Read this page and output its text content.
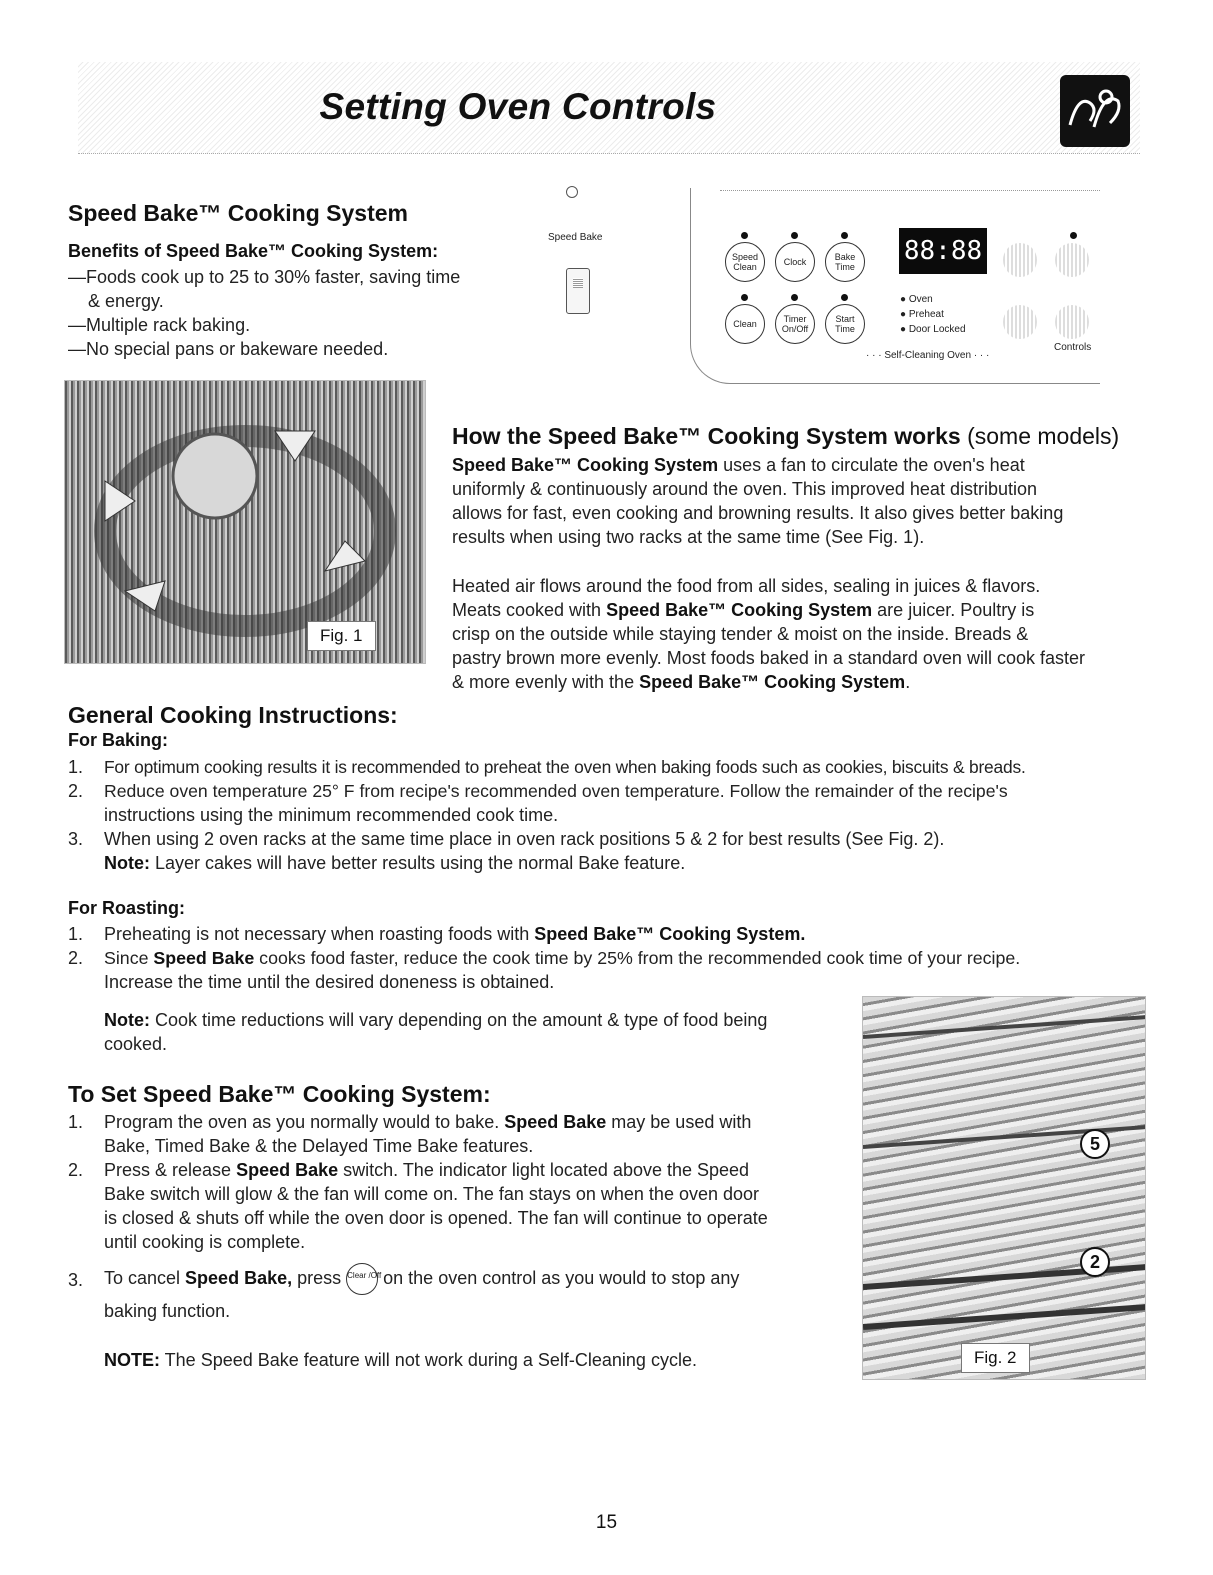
Setting Oven Controls
Speed Bake™ Cooking System
Benefits of Speed Bake™ Cooking System:
—Foods cook up to 25 to 30% faster, saving time
& energy.
—Multiple rack baking.
—No special pans or bakeware needed.
Speed Bake
Speed Clean	Clock	Bake Time
88:88
Clean	Timer On/Off
Start Time
● Oven
● Preheat
● Door Locked
· · · Self-Cleaning Oven · · ·
Controls
Fig. 1
How the Speed Bake™ Cooking System works (some models)
Speed Bake™ Cooking System uses a fan to circulate the oven's heat
uniformly & continuously around the oven. This improved heat distribution
allows for fast, even cooking and browning results. It also gives better baking
results when using two racks at the same time (See Fig. 1).
Heated air flows around the food from all sides, sealing in juices & flavors.
Meats cooked with Speed Bake™ Cooking System are juicer. Poultry is
crisp on the outside while staying tender & moist on the inside. Breads &
pastry brown more evenly. Most foods baked in a standard oven will cook faster
& more evenly with the Speed Bake™ Cooking System.
General Cooking Instructions:
For Baking:
1. For optimum cooking results it is recommended to preheat the oven when baking foods such as cookies, biscuits & breads.
2. Reduce oven temperature 25° F from recipe's recommended oven temperature. Follow the remainder of the recipe's
instructions using the minimum recommended cook time.
3. When using 2 oven racks at the same time place in oven rack positions 5 & 2 for best results (See Fig. 2).
Note: Layer cakes will have better results using the normal Bake feature.
For Roasting:
1. Preheating is not necessary when roasting foods with Speed Bake™ Cooking System.
2. Since Speed Bake cooks food faster, reduce the cook time by 25% from the recommended cook time of your recipe.
Increase the time until the desired doneness is obtained.
Note: Cook time reductions will vary depending on the amount & type of food being
cooked.
To Set Speed Bake™ Cooking System:
1. Program the oven as you normally would to bake. Speed Bake may be used with
Bake, Timed Bake & the Delayed Time Bake features.
2. Press & release Speed Bake switch. The indicator light located above the Speed
Bake switch will glow & the fan will come on. The fan stays on when the oven door
is closed & shuts off while the oven door is opened. The fan will continue to operate
until cooking is complete.
3. To cancel Speed Bake, press Clear /Off on the oven control as you would to stop any
baking function.
NOTE: The Speed Bake feature will not work during a Self-Cleaning cycle.
5
2
Fig. 2
15
